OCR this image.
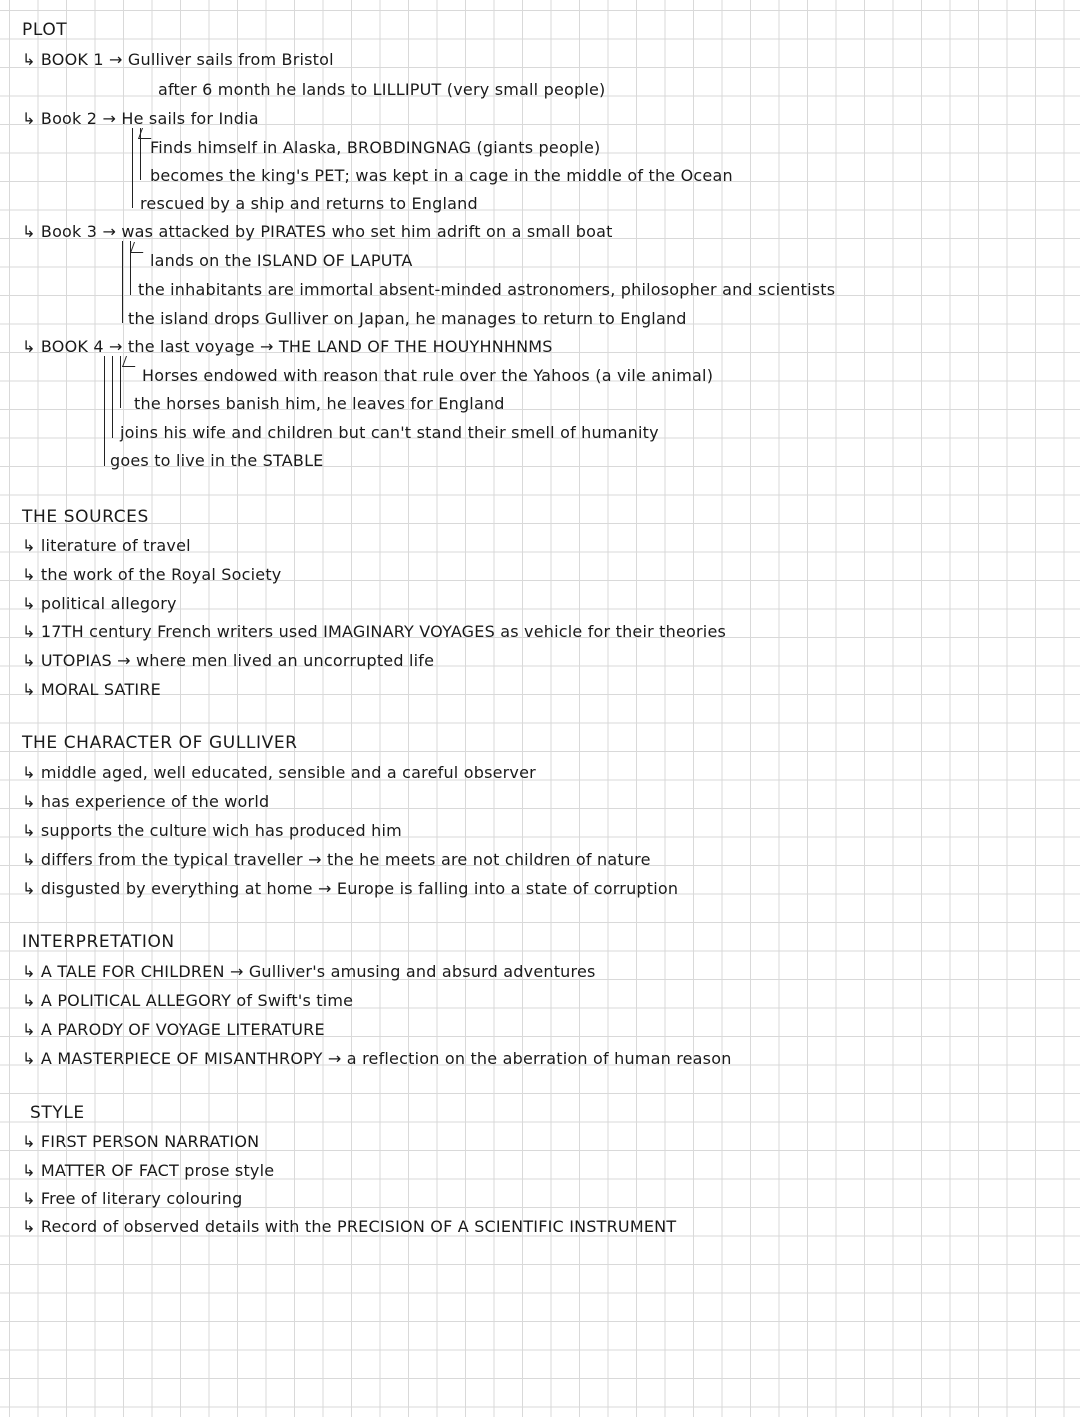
PLOT
↳ BOOK 1 → Gulliver sails from Bristol
after 6 month he lands to LILLIPUT (very small people)
↳ Book 2 → He sails for India
Finds himself in Alaska, BROBDINGNAG (giants people)
becomes the king's PET; was kept in a cage in the middle of the Ocean
rescued by a ship and returns to England
↳ Book 3 → was attacked by PIRATES who set him adrift on a small boat
lands on the ISLAND OF LAPUTA
the inhabitants are immortal absent-minded astronomers, philosopher and scientists
the island drops Gulliver on Japan, he manages to return to England
↳ BOOK 4 → the last voyage → THE LAND OF THE HOUYHNHNMS
Horses endowed with reason that rule over the Yahoos (a vile animal)
the horses banish him, he leaves for England
joins his wife and children but can't stand their smell of humanity
goes to live in the STABLE
THE SOURCES
↳ literature of travel
↳ the work of the Royal Society
↳ political allegory
↳ 17TH century French writers used IMAGINARY VOYAGES as vehicle for their theories
↳ UTOPIAS → where men lived an uncorrupted life
↳ MORAL SATIRE
THE CHARACTER OF GULLIVER
↳ middle aged, well educated, sensible and a careful observer
↳ has experience of the world
↳ supports the culture wich has produced him
↳ differs from the typical traveller → the he meets are not children of nature
↳ disgusted by everything at home → Europe is falling into a state of corruption
INTERPRETATION
↳ A TALE FOR CHILDREN → Gulliver's amusing and absurd adventures
↳ A POLITICAL ALLEGORY of Swift's time
↳ A PARODY OF VOYAGE LITERATURE
↳ A MASTERPIECE OF MISANTHROPY → a reflection on the aberration of human reason
STYLE
↳ FIRST PERSON NARRATION
↳ MATTER OF FACT prose style
↳ Free of literary colouring
↳ Record of observed details with the PRECISION OF A SCIENTIFIC INSTRUMENT
